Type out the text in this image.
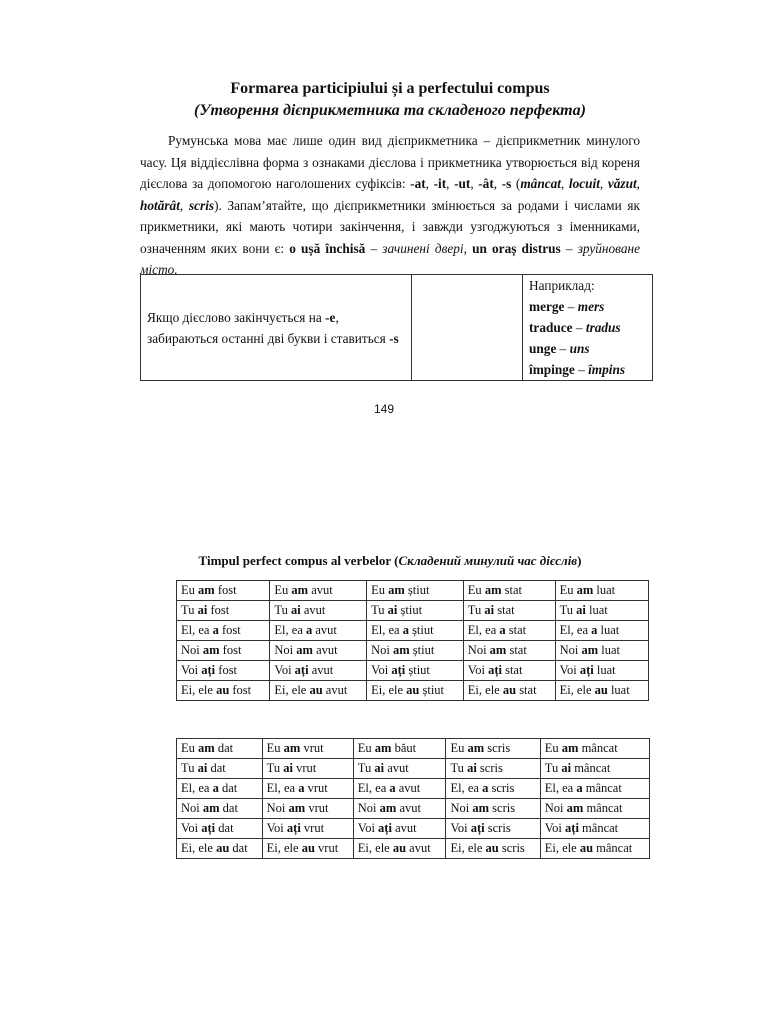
Formarea participiului și a perfectului compus
(Утворення дієприкметника та складеного перфекта)

Румунська мова має лише один вид дієприкметника – дієприкметник минулого часу. Ця віддієслівна форма з ознаками дієслова і прикметника утворюється від кореня дієслова за допомогою наголошених суфіксів: -at, -it, -ut, -ât, -s (mâncat, locuit, văzut, hotărât, scris). Запам’ятайте, що дієприкметники змінюється за родами і числами як прикметники, які мають чотири закінчення, і завжди узгоджуються з іменниками, означенням яких вони є: o ușă închisă – зачинені двері, un oraș distrus – зруйноване місто.

Якщо дієслово закінчується на -e,
забираються останні дві букви і ставиться -s		
Наприклад:
merge – mers
traduce – tradus
unge – uns
împinge – împins
149
Timpul perfect compus al verbelor (Складений минулий час дієслів)
Eu am fost	Eu am avut	Eu am știut	Eu am stat	Eu am luat
Tu ai fost	Tu ai avut	Tu ai știut	Tu ai stat	Tu ai luat
El, ea a fost	El, ea a avut	El, ea a știut	El, ea a stat	El, ea a luat
Noi am fost	Noi am avut	Noi am știut	Noi am stat	Noi am luat
Voi ați fost	Voi ați avut	Voi ați știut	Voi ați stat	Voi ați luat
Ei, ele au fost	Ei, ele au avut	Ei, ele au știut	Ei, ele au stat	Ei, ele au luat
Eu am dat	Eu am vrut	Eu am băut	Eu am scris	Eu am mâncat
Tu ai dat	Tu ai vrut	Tu ai avut	Tu ai scris	Tu ai mâncat
El, ea a dat	El, ea a vrut	El, ea a avut	El, ea a scris	El, ea a mâncat
Noi am dat	Noi am vrut	Noi am avut	Noi am scris	Noi am mâncat
Voi ați dat	Voi ați vrut	Voi ați avut	Voi ați scris	Voi ați mâncat
Ei, ele au dat	Ei, ele au vrut	Ei, ele au avut	Ei, ele au scris	Ei, ele au mâncat
